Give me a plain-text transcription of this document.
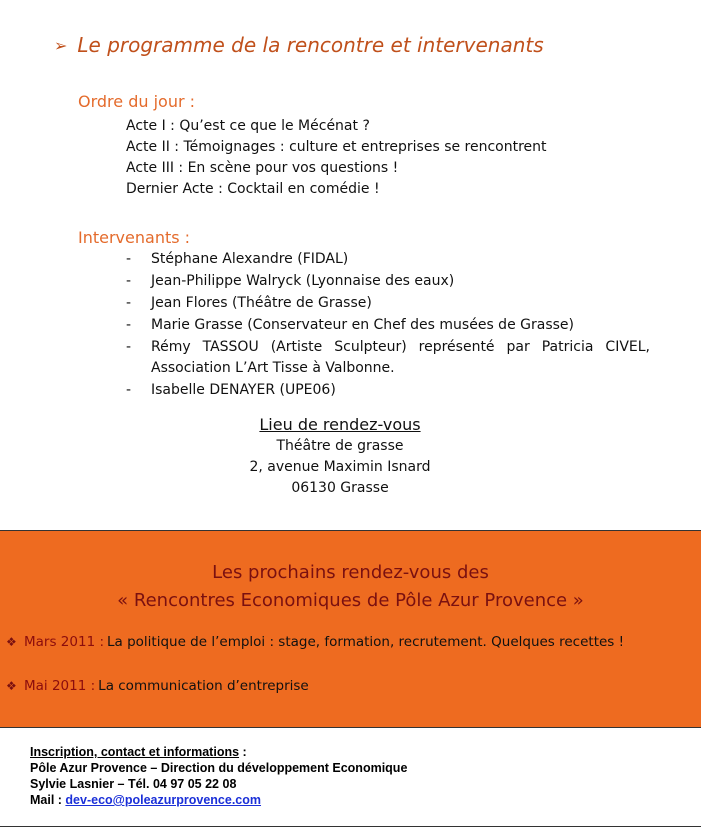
➢ Le programme de la rencontre et intervenants
Ordre du jour :
Acte I : Qu’est ce que le Mécénat ?
Acte II : Témoignages : culture et entreprises se rencontrent
Acte III : En scène pour vos questions !
Dernier Acte : Cocktail en comédie !
Intervenants :
-	Stéphane Alexandre (FIDAL)
-	Jean-Philippe Walryck (Lyonnaise des eaux)
-	Jean Flores (Théâtre de Grasse)
-	Marie Grasse (Conservateur en Chef des musées de Grasse)
-	Rémy TASSOU (Artiste Sculpteur) représenté par Patricia CIVEL, Association L’Art Tisse à Valbonne.
-	Isabelle DENAYER (UPE06)
Lieu de rendez-vous
Théâtre de grasse
2, avenue Maximin Isnard
06130 Grasse
Les prochains rendez-vous des
« Rencontres Economiques de Pôle Azur Provence »
❖ Mars 2011 : La politique de l’emploi : stage, formation, recrutement. Quelques recettes !
❖ Mai 2011 : La communication d’entreprise
Inscription, contact et informations :
Pôle Azur Provence – Direction du développement Economique
Sylvie Lasnier – Tél. 04 97 05 22 08
Mail : dev-eco@poleazurprovence.com
